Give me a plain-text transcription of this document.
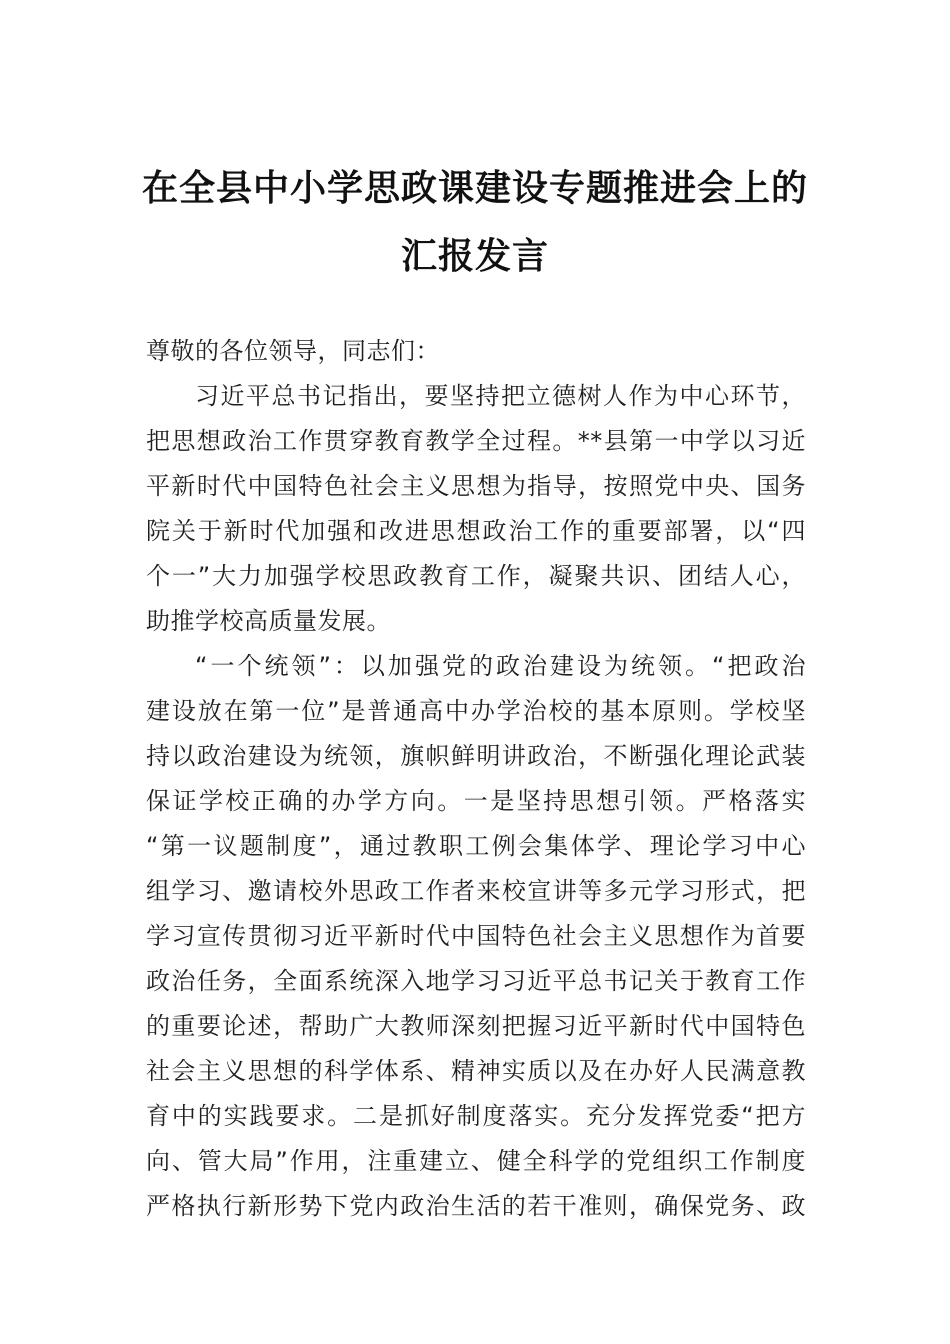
在全县中小学思政课建设专题推进会上的
汇报发言
尊敬的各位领导，同志们：
习近平总书记指出，要坚持把立德树人作为中心环节，
把思想政治工作贯穿教育教学全过程。**县第一中学以习近
平新时代中国特色社会主义思想为指导，按照党中央、国务
院关于新时代加强和改进思想政治工作的重要部署，以“四
个一”大力加强学校思政教育工作，凝聚共识、团结人心，
助推学校高质量发展。
“一个统领”：以加强党的政治建设为统领。“把政治
建设放在第一位”是普通高中办学治校的基本原则。学校坚
持以政治建设为统领，旗帜鲜明讲政治，不断强化理论武装
保证学校正确的办学方向。一是坚持思想引领。严格落实
“第一议题制度”，通过教职工例会集体学、理论学习中心
组学习、邀请校外思政工作者来校宣讲等多元学习形式，把
学习宣传贯彻习近平新时代中国特色社会主义思想作为首要
政治任务，全面系统深入地学习习近平总书记关于教育工作
的重要论述，帮助广大教师深刻把握习近平新时代中国特色
社会主义思想的科学体系、精神实质以及在办好人民满意教
育中的实践要求。二是抓好制度落实。充分发挥党委“把方
向、管大局”作用，注重建立、健全科学的党组织工作制度
严格执行新形势下党内政治生活的若干准则，确保党务、政
